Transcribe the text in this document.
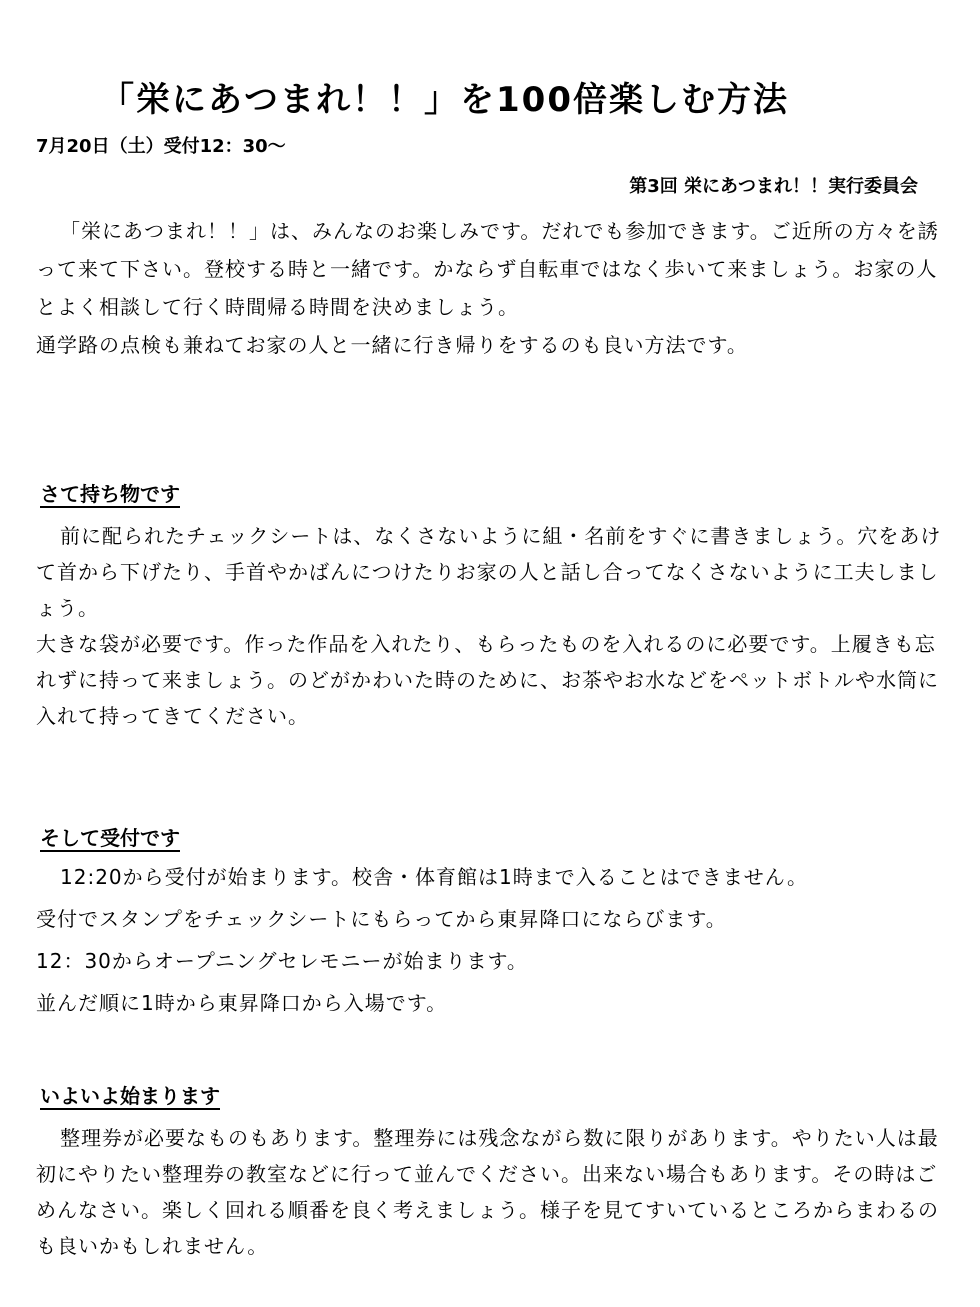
「栄にあつまれ！！」を100倍楽しむ方法
7月20日（土）受付12：30～
第3回 栄にあつまれ！！実行委員会

「栄にあつまれ！！」は、みんなのお楽しみです。だれでも参加できます。ご近所の方々を誘って来て下さい。登校する時と一緒です。かならず自転車ではなく歩いて来ましょう。お家の人とよく相談して行く時間帰る時間を決めましょう。

通学路の点検も兼ねてお家の人と一緒に行き帰りをするのも良い方法です。

さて持ち物です

前に配られたチェックシートは、なくさないように組・名前をすぐに書きましょう。穴をあけて首から下げたり、手首やかばんにつけたりお家の人と話し合ってなくさないように工夫しましょう。

大きな袋が必要です。作った作品を入れたり、もらったものを入れるのに必要です。上履きも忘れずに持って来ましょう。のどがかわいた時のために、お茶やお水などをペットボトルや水筒に入れて持ってきてください。

そして受付です

12:20から受付が始まります。校舎・体育館は1時まで入ることはできません。

受付でスタンプをチェックシートにもらってから東昇降口にならびます。

12：30からオープニングセレモニーが始まります。

並んだ順に1時から東昇降口から入場です。

いよいよ始まります

整理券が必要なものもあります。整理券には残念ながら数に限りがあります。やりたい人は最初にやりたい整理券の教室などに行って並んでください。出来ない場合もあります。その時はごめんなさい。楽しく回れる順番を良く考えましょう。様子を見てすいているところからまわるのも良いかもしれません。
